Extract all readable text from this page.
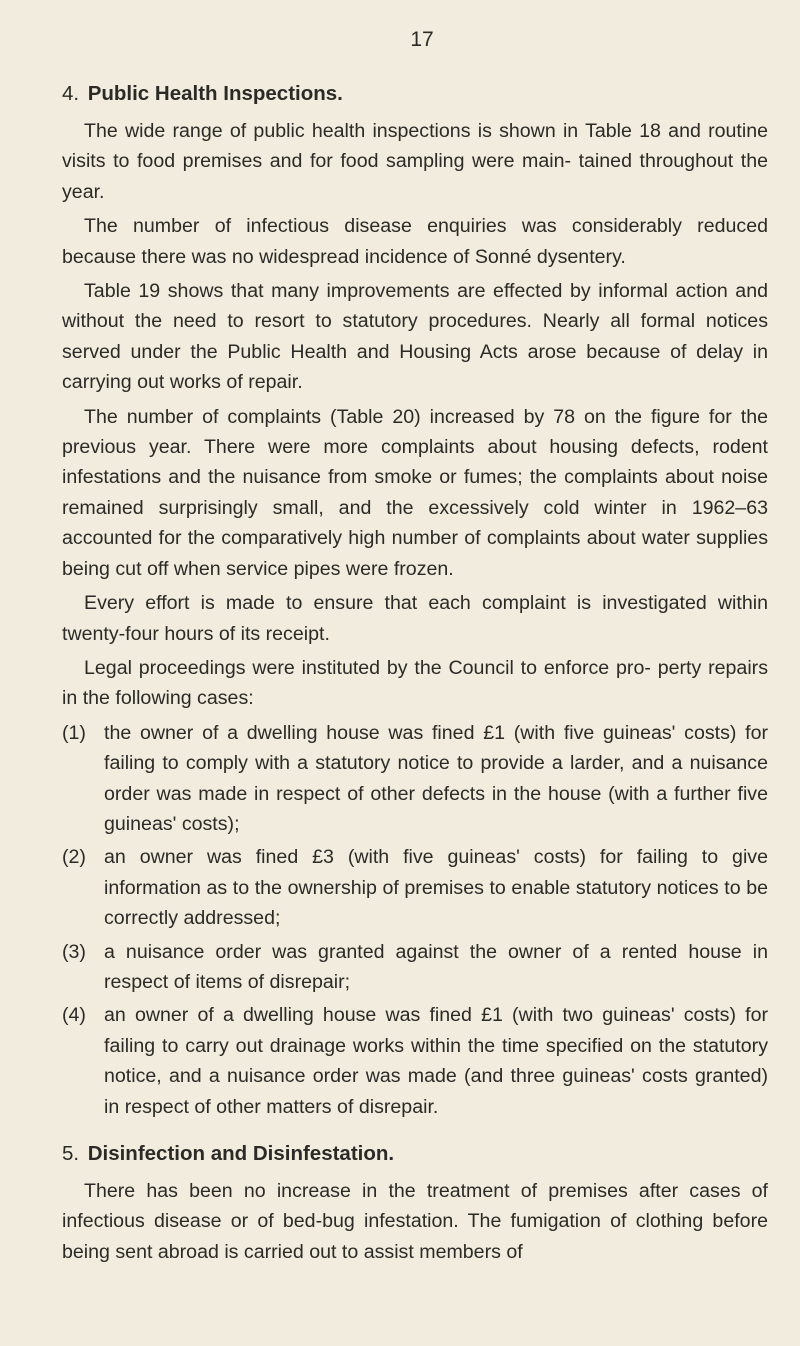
17
4. Public Health Inspections.

The wide range of public health inspections is shown in Table 18 and routine visits to food premises and for food sampling were main‑ tained throughout the year.

The number of infectious disease enquiries was considerably reduced because there was no widespread incidence of Sonné dysentery.

Table 19 shows that many improvements are effected by informal action and without the need to resort to statutory procedures. Nearly all formal notices served under the Public Health and Housing Acts arose because of delay in carrying out works of repair.

The number of complaints (Table 20) increased by 78 on the figure for the previous year. There were more complaints about housing defects, rodent infestations and the nuisance from smoke or fumes; the complaints about noise remained surprisingly small, and the excessively cold winter in 1962–63 accounted for the comparatively high number of complaints about water supplies being cut off when service pipes were frozen.

Every effort is made to ensure that each complaint is investigated within twenty‑four hours of its receipt.

Legal proceedings were instituted by the Council to enforce pro‑ perty repairs in the following cases:

(1) the owner of a dwelling house was fined £1 (with five guineas' costs) for failing to comply with a statutory notice to provide a larder, and a nuisance order was made in respect of other defects in the house (with a further five guineas' costs);
(2) an owner was fined £3 (with five guineas' costs) for failing to give information as to the ownership of premises to enable statutory notices to be correctly addressed;
(3) a nuisance order was granted against the owner of a rented house in respect of items of disrepair;
(4) an owner of a dwelling house was fined £1 (with two guineas' costs) for failing to carry out drainage works within the time specified on the statutory notice, and a nuisance order was made (and three guineas' costs granted) in respect of other matters of disrepair.
5. Disinfection and Disinfestation.

There has been no increase in the treatment of premises after cases of infectious disease or of bed‑bug infestation. The fumigation of clothing before being sent abroad is carried out to assist members of
